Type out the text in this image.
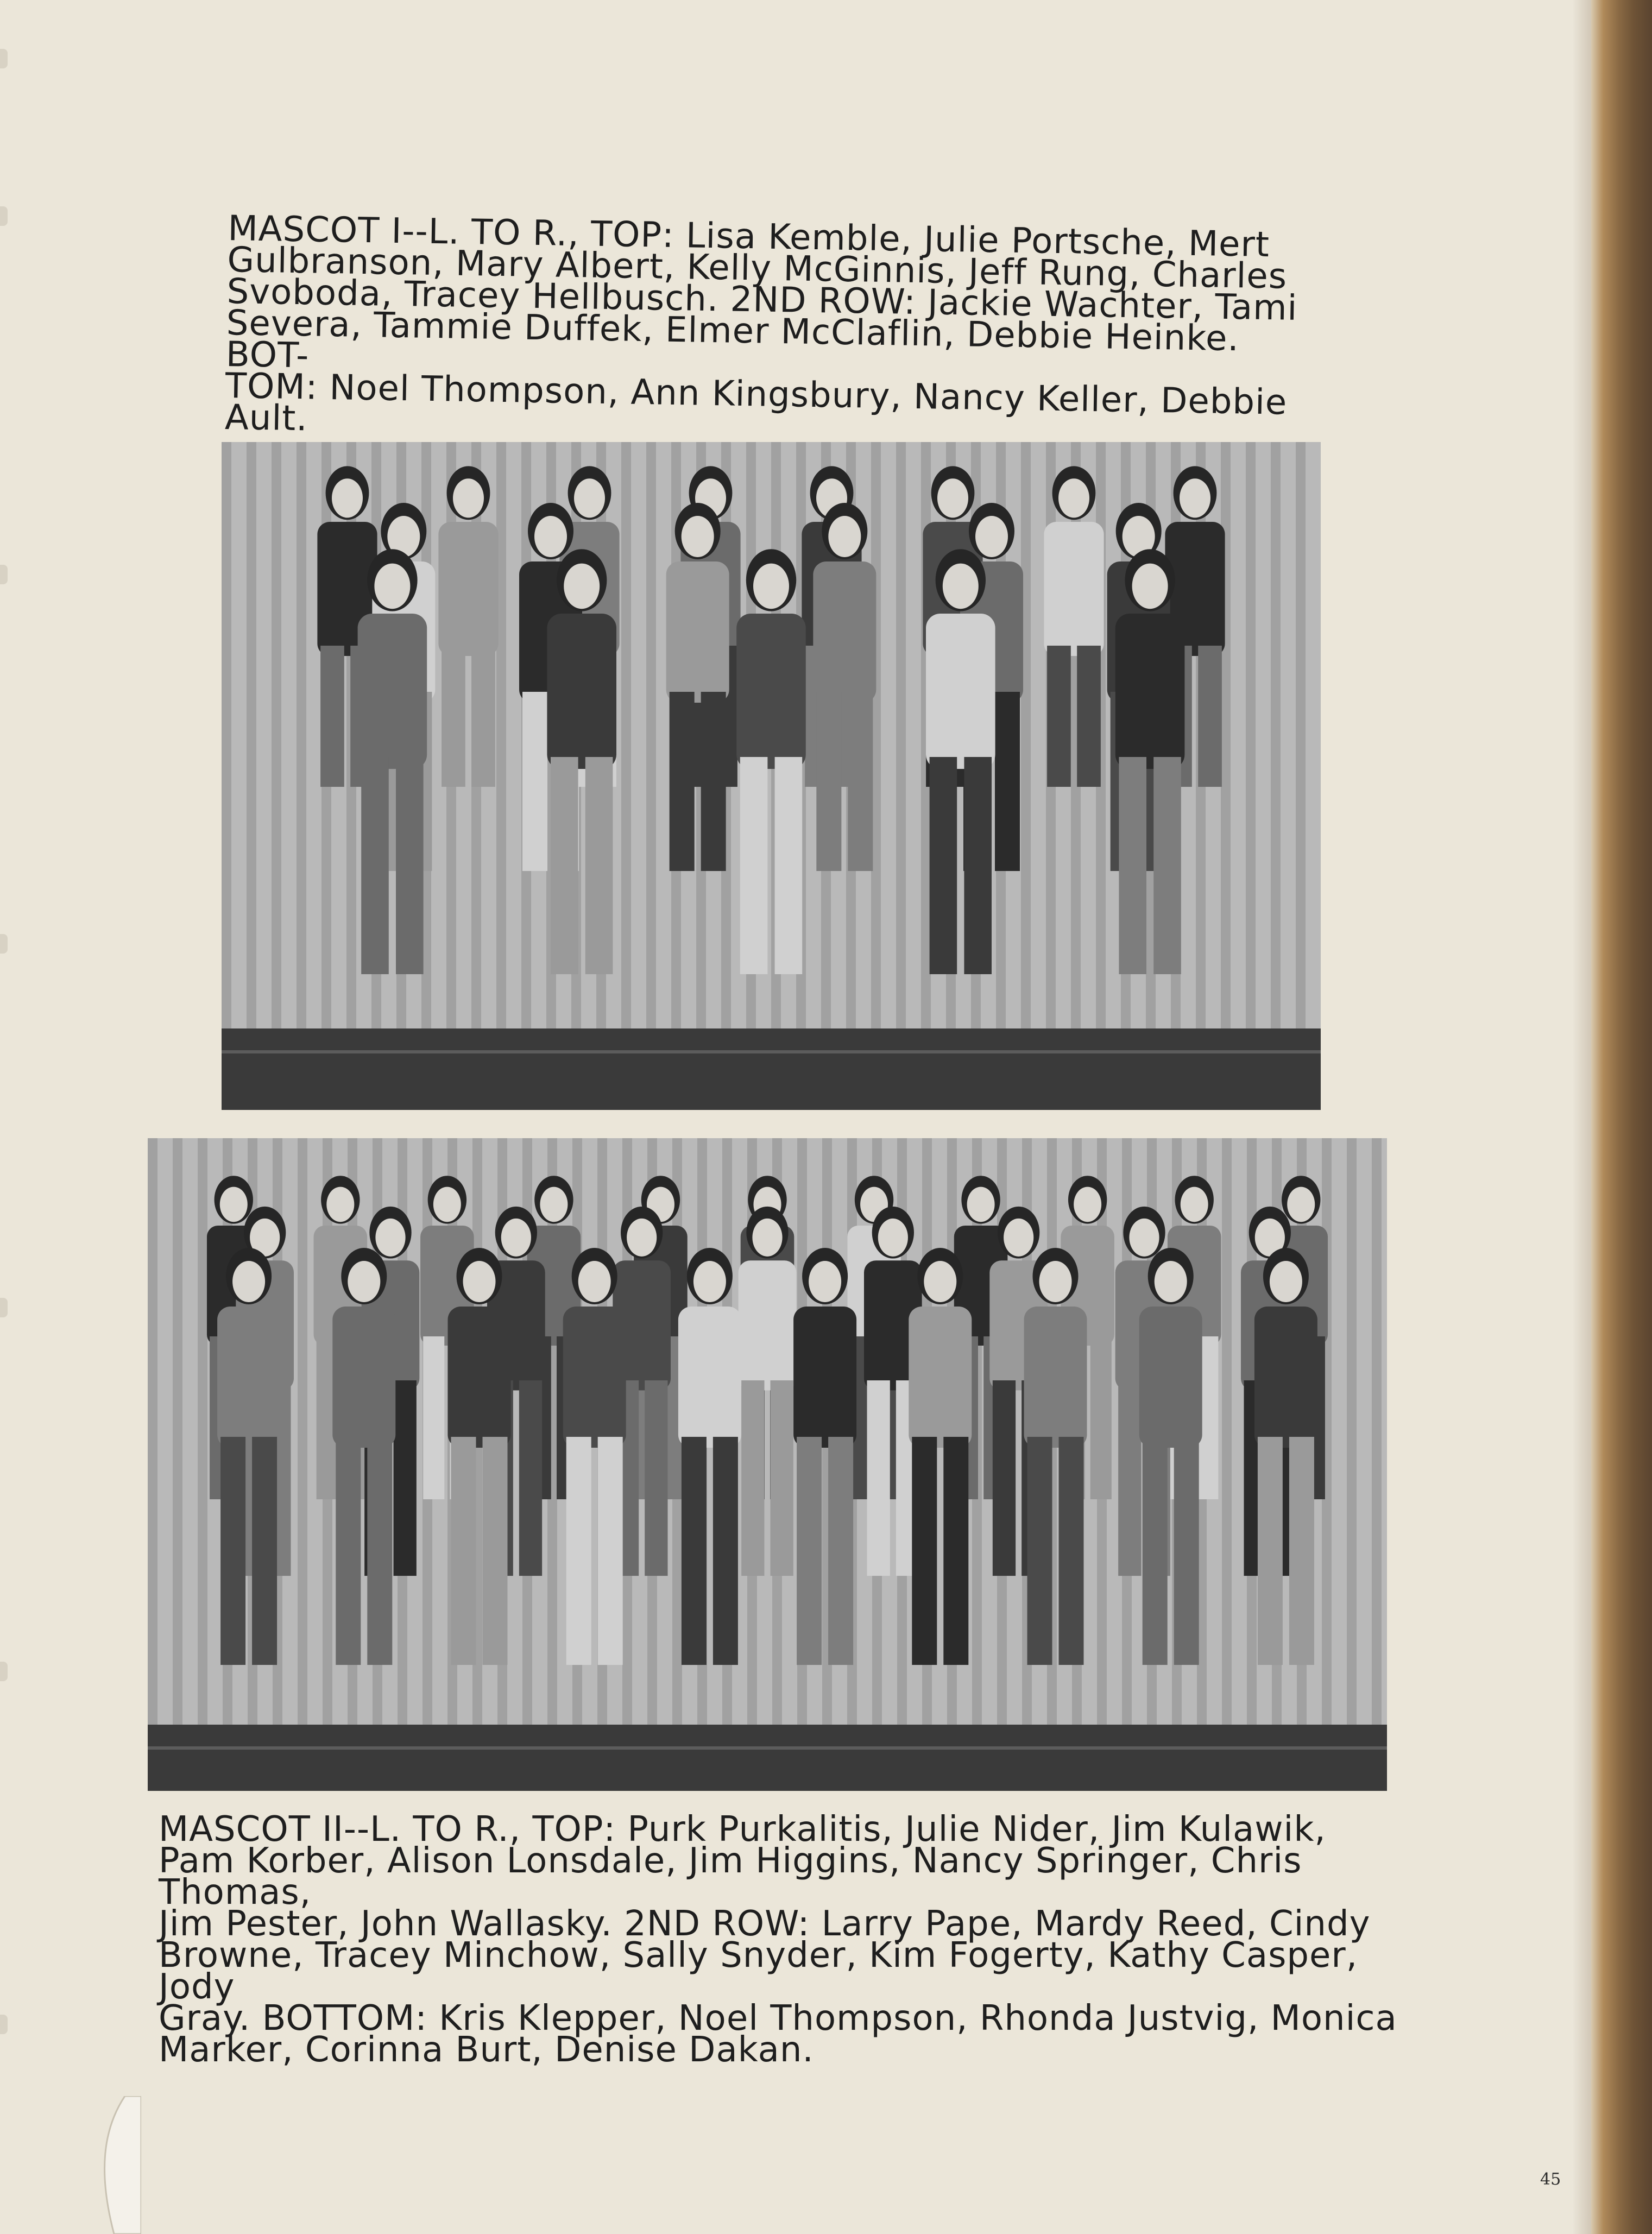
MASCOT I--L. TO R., TOP: Lisa Kemble, Julie Portsche, Mert
Gulbranson, Mary Albert, Kelly McGinnis, Jeff Rung, Charles
Svoboda, Tracey Hellbusch. 2ND ROW: Jackie Wachter, Tami
Severa, Tammie Duffek, Elmer McClaflin, Debbie Heinke. BOT-
TOM: Noel Thompson, Ann Kingsbury, Nancy Keller, Debbie Ault.

MASCOT II--L. TO R., TOP: Purk Purkalitis, Julie Nider, Jim Kulawik,
Pam Korber, Alison Lonsdale, Jim Higgins, Nancy Springer, Chris Thomas,
Jim Pester, John Wallasky. 2ND ROW: Larry Pape, Mardy Reed, Cindy
Browne, Tracey Minchow, Sally Snyder, Kim Fogerty, Kathy Casper, Jody
Gray. BOTTOM: Kris Klepper, Noel Thompson, Rhonda Justvig, Monica
Marker, Corinna Burt, Denise Dakan.

45
